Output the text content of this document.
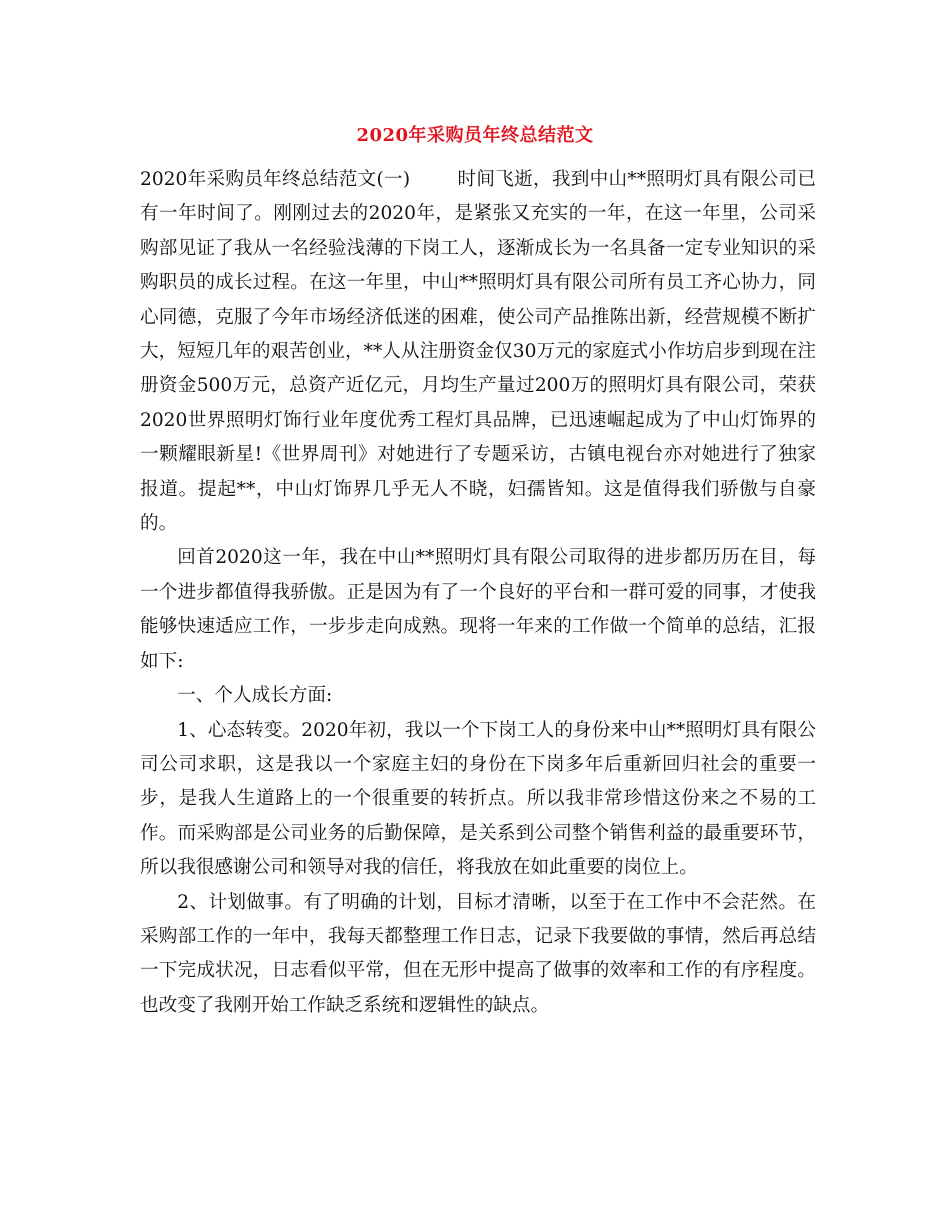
2020年采购员年终总结范文

2020年采购员年终总结范文(一)	时间飞逝，我到中山**照明灯具有限公司已有一年时间了。刚刚过去的2020年，是紧张又充实的一年，在这一年里，公司采购部见证了我从一名经验浅薄的下岗工人，逐渐成长为一名具备一定专业知识的采购职员的成长过程。在这一年里，中山**照明灯具有限公司所有员工齐心协力，同心同德，克服了今年市场经济低迷的困难，使公司产品推陈出新，经营规模不断扩大，短短几年的艰苦创业，**人从注册资金仅30万元的家庭式小作坊启步到现在注册资金500万元，总资产近亿元，月均生产量过200万的照明灯具有限公司，荣获2020世界照明灯饰行业年度优秀工程灯具品牌，已迅速崛起成为了中山灯饰界的一颗耀眼新星!《世界周刊》对她进行了专题采访，古镇电视台亦对她进行了独家报道。提起**，中山灯饰界几乎无人不晓，妇孺皆知。这是值得我们骄傲与自豪的。

回首2020这一年，我在中山**照明灯具有限公司取得的进步都历历在目，每一个进步都值得我骄傲。正是因为有了一个良好的平台和一群可爱的同事，才使我能够快速适应工作，一步步走向成熟。现将一年来的工作做一个简单的总结，汇报如下:

一、个人成长方面:

1、心态转变。2020年初，我以一个下岗工人的身份来中山**照明灯具有限公司公司求职，这是我以一个家庭主妇的身份在下岗多年后重新回归社会的重要一步，是我人生道路上的一个很重要的转折点。所以我非常珍惜这份来之不易的工作。而采购部是公司业务的后勤保障，是关系到公司整个销售利益的最重要环节，所以我很感谢公司和领导对我的信任，将我放在如此重要的岗位上。

2、计划做事。有了明确的计划，目标才清晰，以至于在工作中不会茫然。在采购部工作的一年中，我每天都整理工作日志，记录下我要做的事情，然后再总结一下完成状况，日志看似平常，但在无形中提高了做事的效率和工作的有序程度。也改变了我刚开始工作缺乏系统和逻辑性的缺点。
